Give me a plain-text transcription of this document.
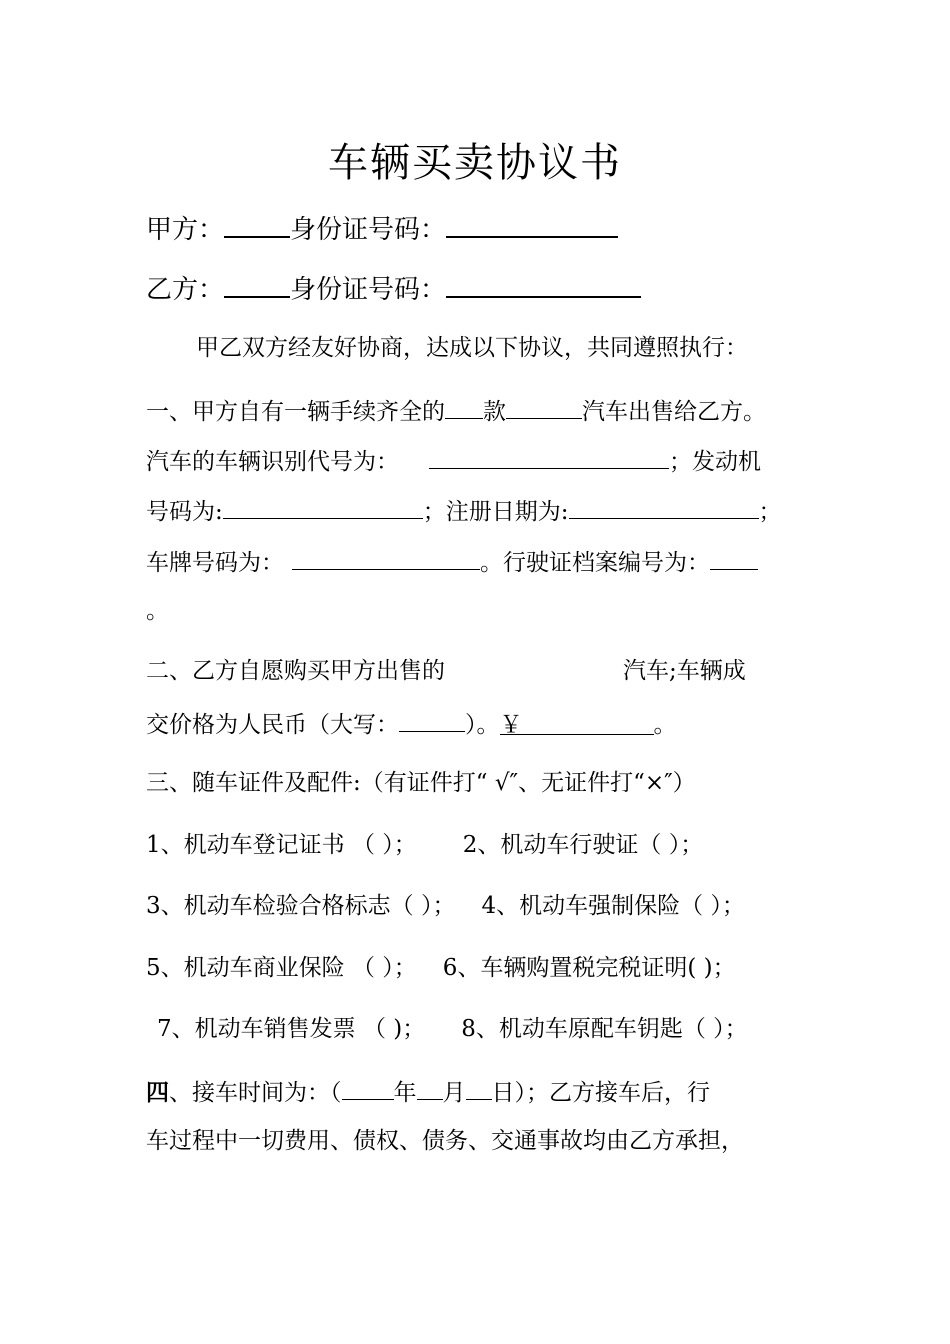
车辆买卖协议书
甲方：	身份证号码：
乙方：	身份证号码：
甲乙双方经友好协商，达成以下协议，共同遵照执行：
一、甲方自有一辆手续齐全的 款	汽车出售给乙方。
汽车的车辆识别代号为：	；发动机
号码为:	；注册日期为:	；
车牌号码为：	。行驶证档案编号为：
。
二、乙方自愿购买甲方出售的	汽车;车辆成
交价格为人民币（大写：	）。￥	。
三、随车证件及配件:（有证件打“ √″、无证件打“×″）
1、机动车登记证书 （ ）； 2、机动车行驶证（ ）；
3、机动车检验合格标志（ ）； 4、机动车强制保险（ ）；
5、机动车商业保险 （ ）； 6、车辆购置税完税证明( )；
7、机动车销售发票 （ )； 8、机动车原配车钥匙（ ）；
四、接车时间为：（ 年 月 日）；乙方接车后，行
车过程中一切费用、债权、债务、交通事故均由乙方承担，
